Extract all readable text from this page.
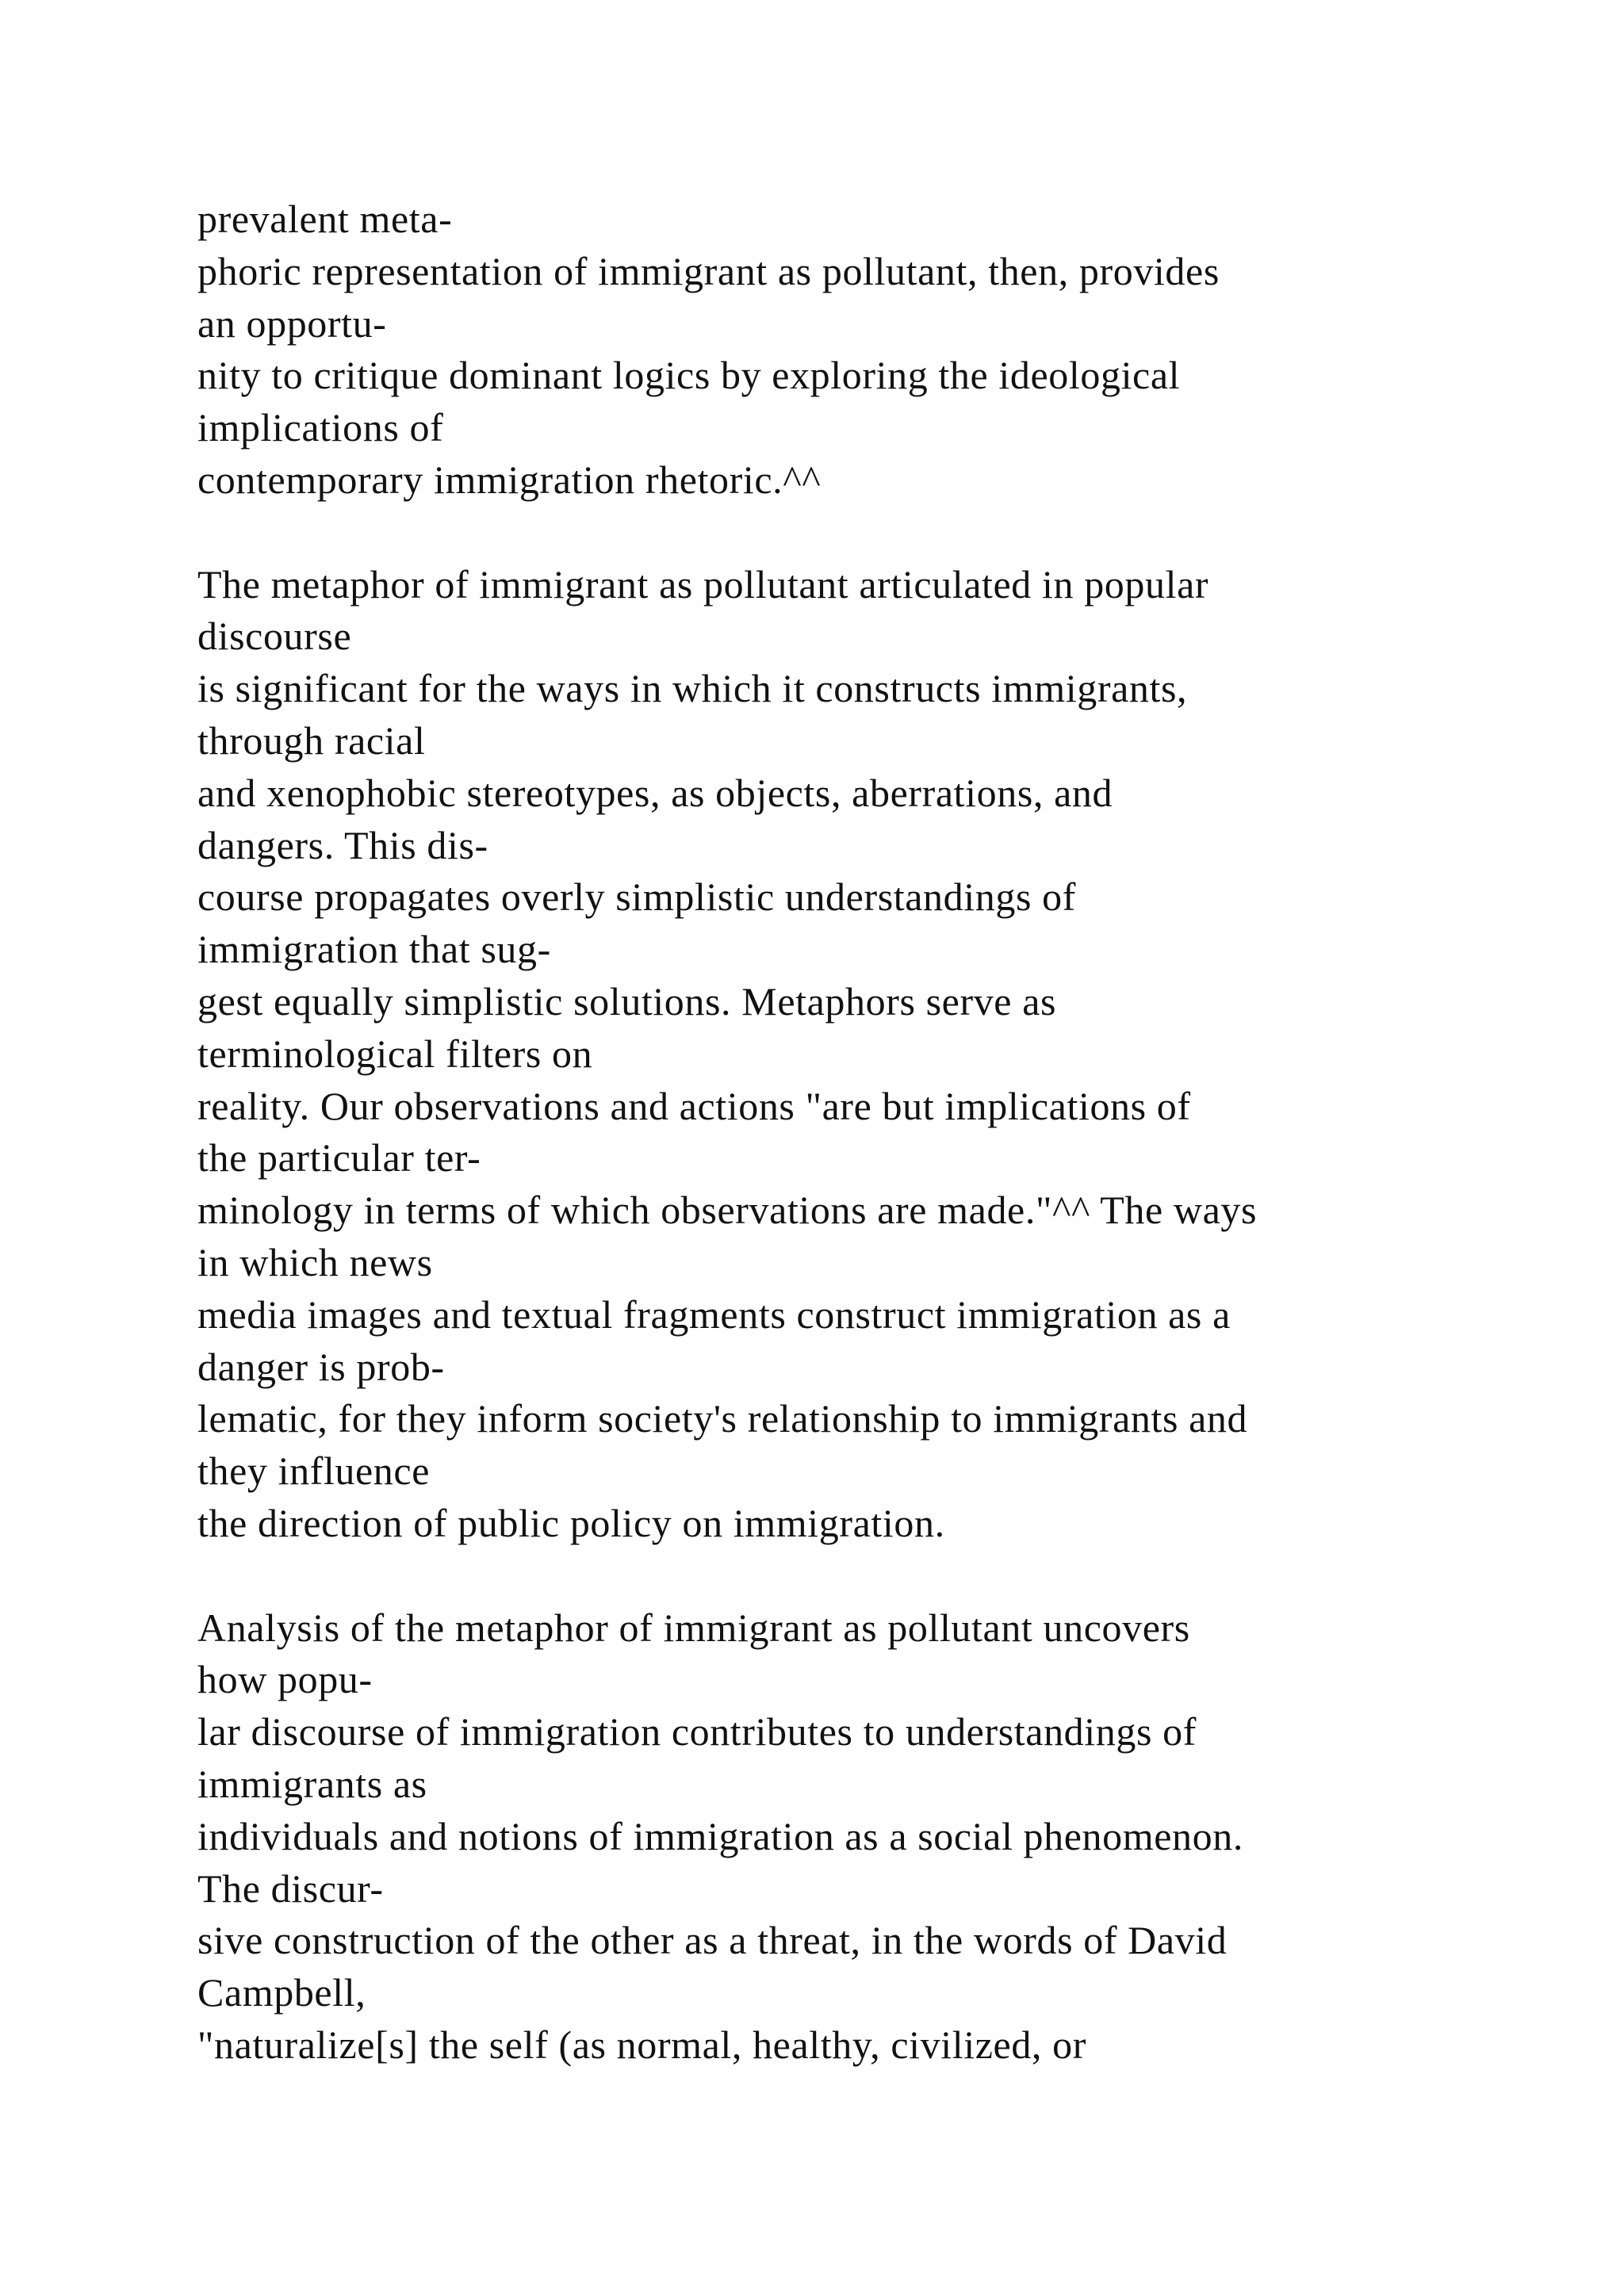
prevalent meta-
phoric representation of immigrant as pollutant, then, provides
an opportu-
nity to critique dominant logics by exploring the ideological
implications of
contemporary immigration rhetoric.^^
The metaphor of immigrant as pollutant articulated in popular
discourse
is significant for the ways in which it constructs immigrants,
through racial
and xenophobic stereotypes, as objects, aberrations, and
dangers. This dis-
course propagates overly simplistic understandings of
immigration that sug-
gest equally simplistic solutions. Metaphors serve as
terminological filters on
reality. Our observations and actions "are but implications of
the particular ter-
minology in terms of which observations are made."^^ The ways
in which news
media images and textual fragments construct immigration as a
danger is prob-
lematic, for they inform society's relationship to immigrants and
they influence
the direction of public policy on immigration.
Analysis of the metaphor of immigrant as pollutant uncovers
how popu-
lar discourse of immigration contributes to understandings of
immigrants as
individuals and notions of immigration as a social phenomenon.
The discur-
sive construction of the other as a threat, in the words of David
Campbell,
"naturalize[s] the self (as normal, healthy, civilized, or
